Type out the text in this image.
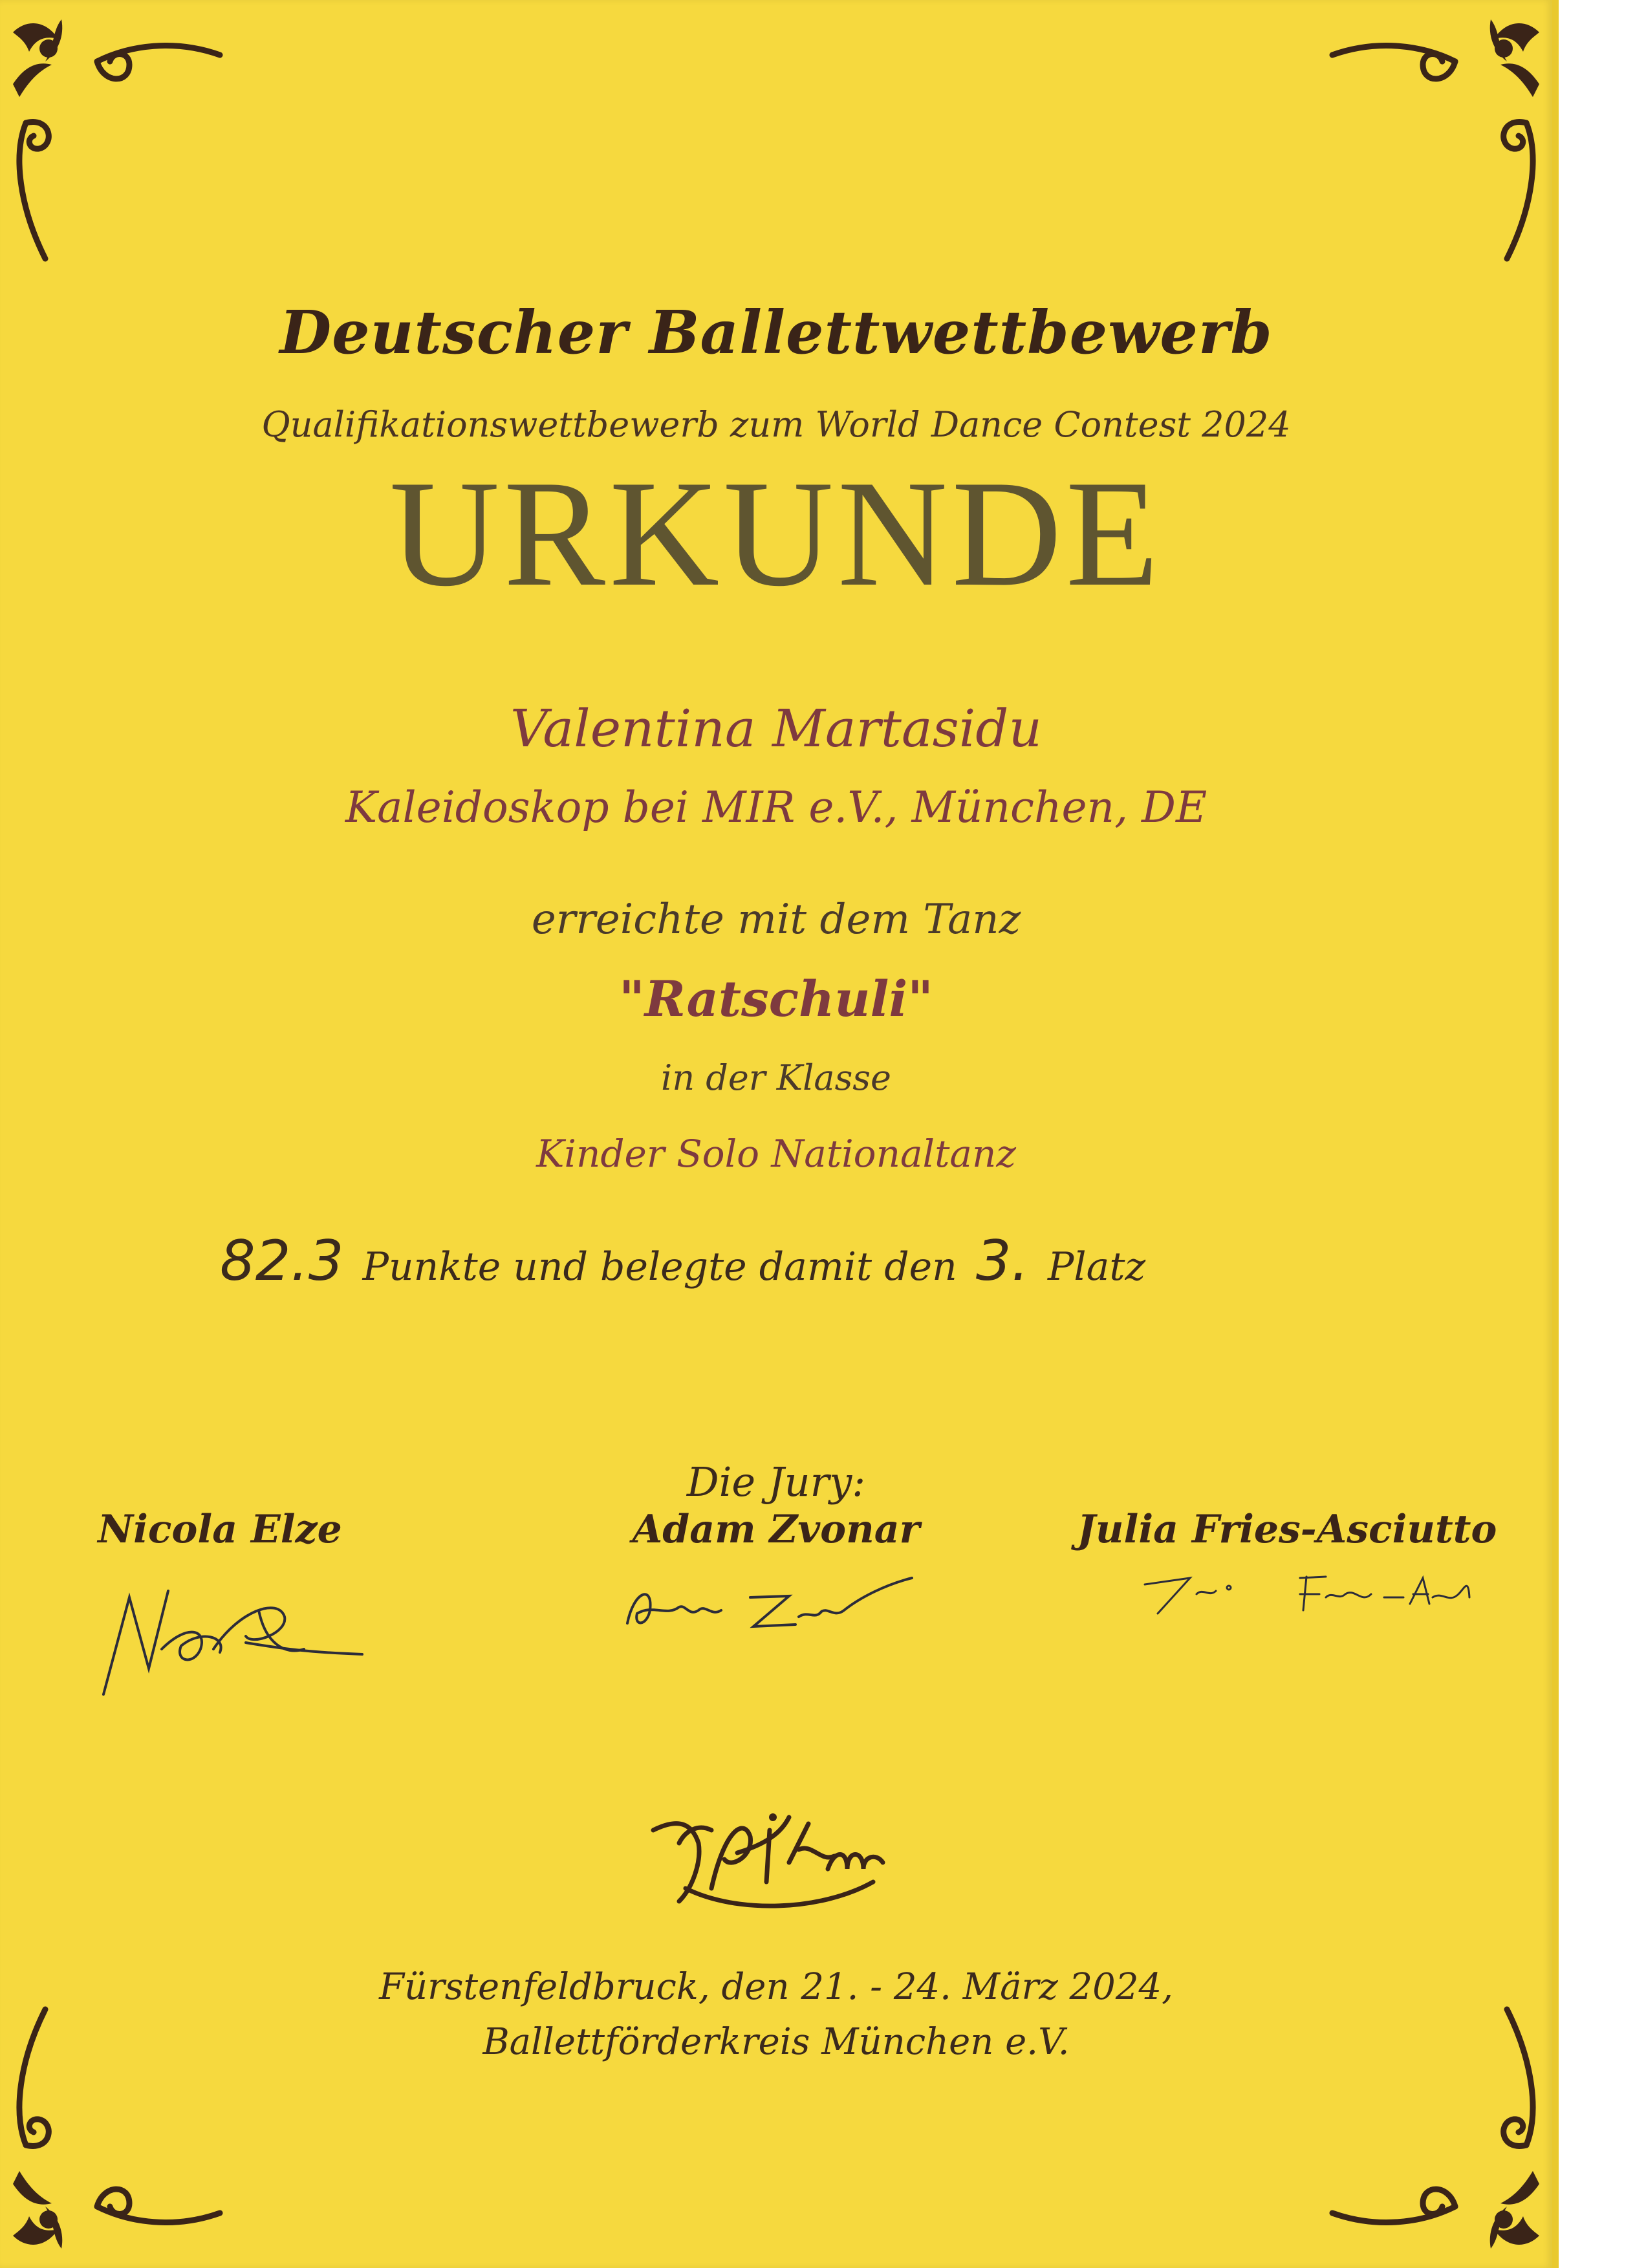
Deutscher Ballettwettbewerb
Qualifikationswettbewerb zum World Dance Contest 2024
URKUNDE
Valentina Martasidu
Kaleidoskop bei MIR e.V., München, DE
erreichte mit dem Tanz
"Ratschuli"
in der Klasse
Kinder Solo Nationaltanz
82.3 Punkte und belegte damit den 3. Platz
Die Jury:
Nicola Elze	Adam Zvonar	Julia Fries-Asciutto
Fürstenfeldbruck, den 21. - 24. März 2024,
Ballettförderkreis München e.V.
